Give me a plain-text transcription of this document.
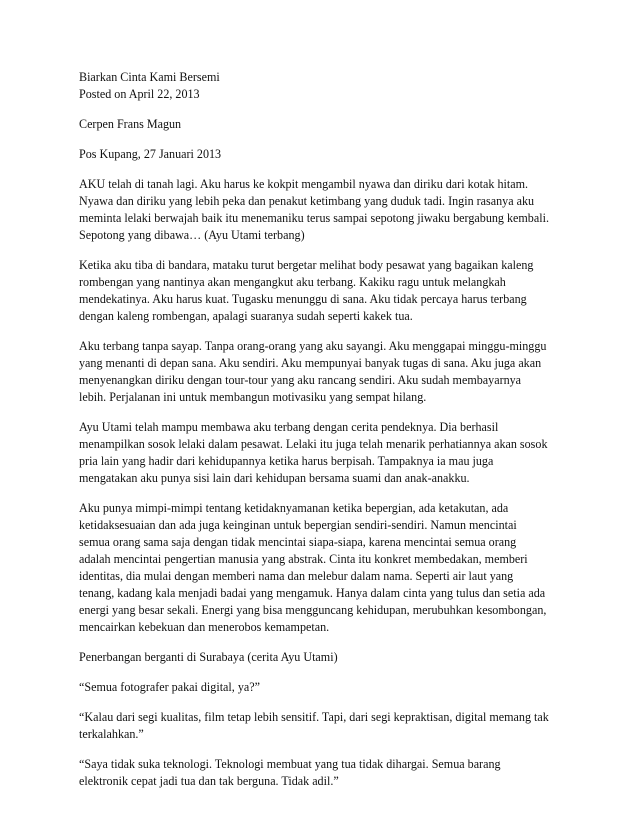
Biarkan Cinta Kami Bersemi
Posted on April 22, 2013
Cerpen Frans Magun
Pos Kupang, 27 Januari 2013
AKU telah di tanah lagi. Aku harus ke kokpit mengambil nyawa dan diriku dari kotak hitam.
Nyawa dan diriku yang lebih peka dan penakut ketimbang yang duduk tadi. Ingin rasanya aku
meminta lelaki berwajah baik itu menemaniku terus sampai sepotong jiwaku bergabung kembali.
Sepotong yang dibawa… (Ayu Utami terbang)
Ketika aku tiba di bandara, mataku turut bergetar melihat body pesawat yang bagaikan kaleng
rombengan yang nantinya akan mengangkut aku terbang. Kakiku ragu untuk melangkah
mendekatinya. Aku harus kuat. Tugasku menunggu di sana. Aku tidak percaya harus terbang
dengan kaleng rombengan, apalagi suaranya sudah seperti kakek tua.
Aku terbang tanpa sayap. Tanpa orang-orang yang aku sayangi. Aku menggapai minggu-minggu
yang menanti di depan sana. Aku sendiri. Aku mempunyai banyak tugas di sana. Aku juga akan
menyenangkan diriku dengan tour-tour yang aku rancang sendiri. Aku sudah membayarnya
lebih. Perjalanan ini untuk membangun motivasiku yang sempat hilang.
Ayu Utami telah mampu membawa aku terbang dengan cerita pendeknya. Dia berhasil
menampilkan sosok lelaki dalam pesawat. Lelaki itu juga telah menarik perhatiannya akan sosok
pria lain yang hadir dari kehidupannya ketika harus berpisah. Tampaknya ia mau juga
mengatakan aku punya sisi lain dari kehidupan bersama suami dan anak-anakku.
Aku punya mimpi-mimpi tentang ketidaknyamanan ketika bepergian, ada ketakutan, ada
ketidaksesuaian dan ada juga keinginan untuk bepergian sendiri-sendiri. Namun mencintai
semua orang sama saja dengan tidak mencintai siapa-siapa, karena mencintai semua orang
adalah mencintai pengertian manusia yang abstrak. Cinta itu konkret membedakan, memberi
identitas, dia mulai dengan memberi nama dan melebur dalam nama. Seperti air laut yang
tenang, kadang kala menjadi badai yang mengamuk. Hanya dalam cinta yang tulus dan setia ada
energi yang besar sekali. Energi yang bisa mengguncang kehidupan, merubuhkan kesombongan,
mencairkan kebekuan dan menerobos kemampetan.
Penerbangan berganti di Surabaya (cerita Ayu Utami)
“Semua fotografer pakai digital, ya?”
“Kalau dari segi kualitas, film tetap lebih sensitif. Tapi, dari segi kepraktisan, digital memang tak
terkalahkan.”
“Saya tidak suka teknologi. Teknologi membuat yang tua tidak dihargai. Semua barang
elektronik cepat jadi tua dan tak berguna. Tidak adil.”
